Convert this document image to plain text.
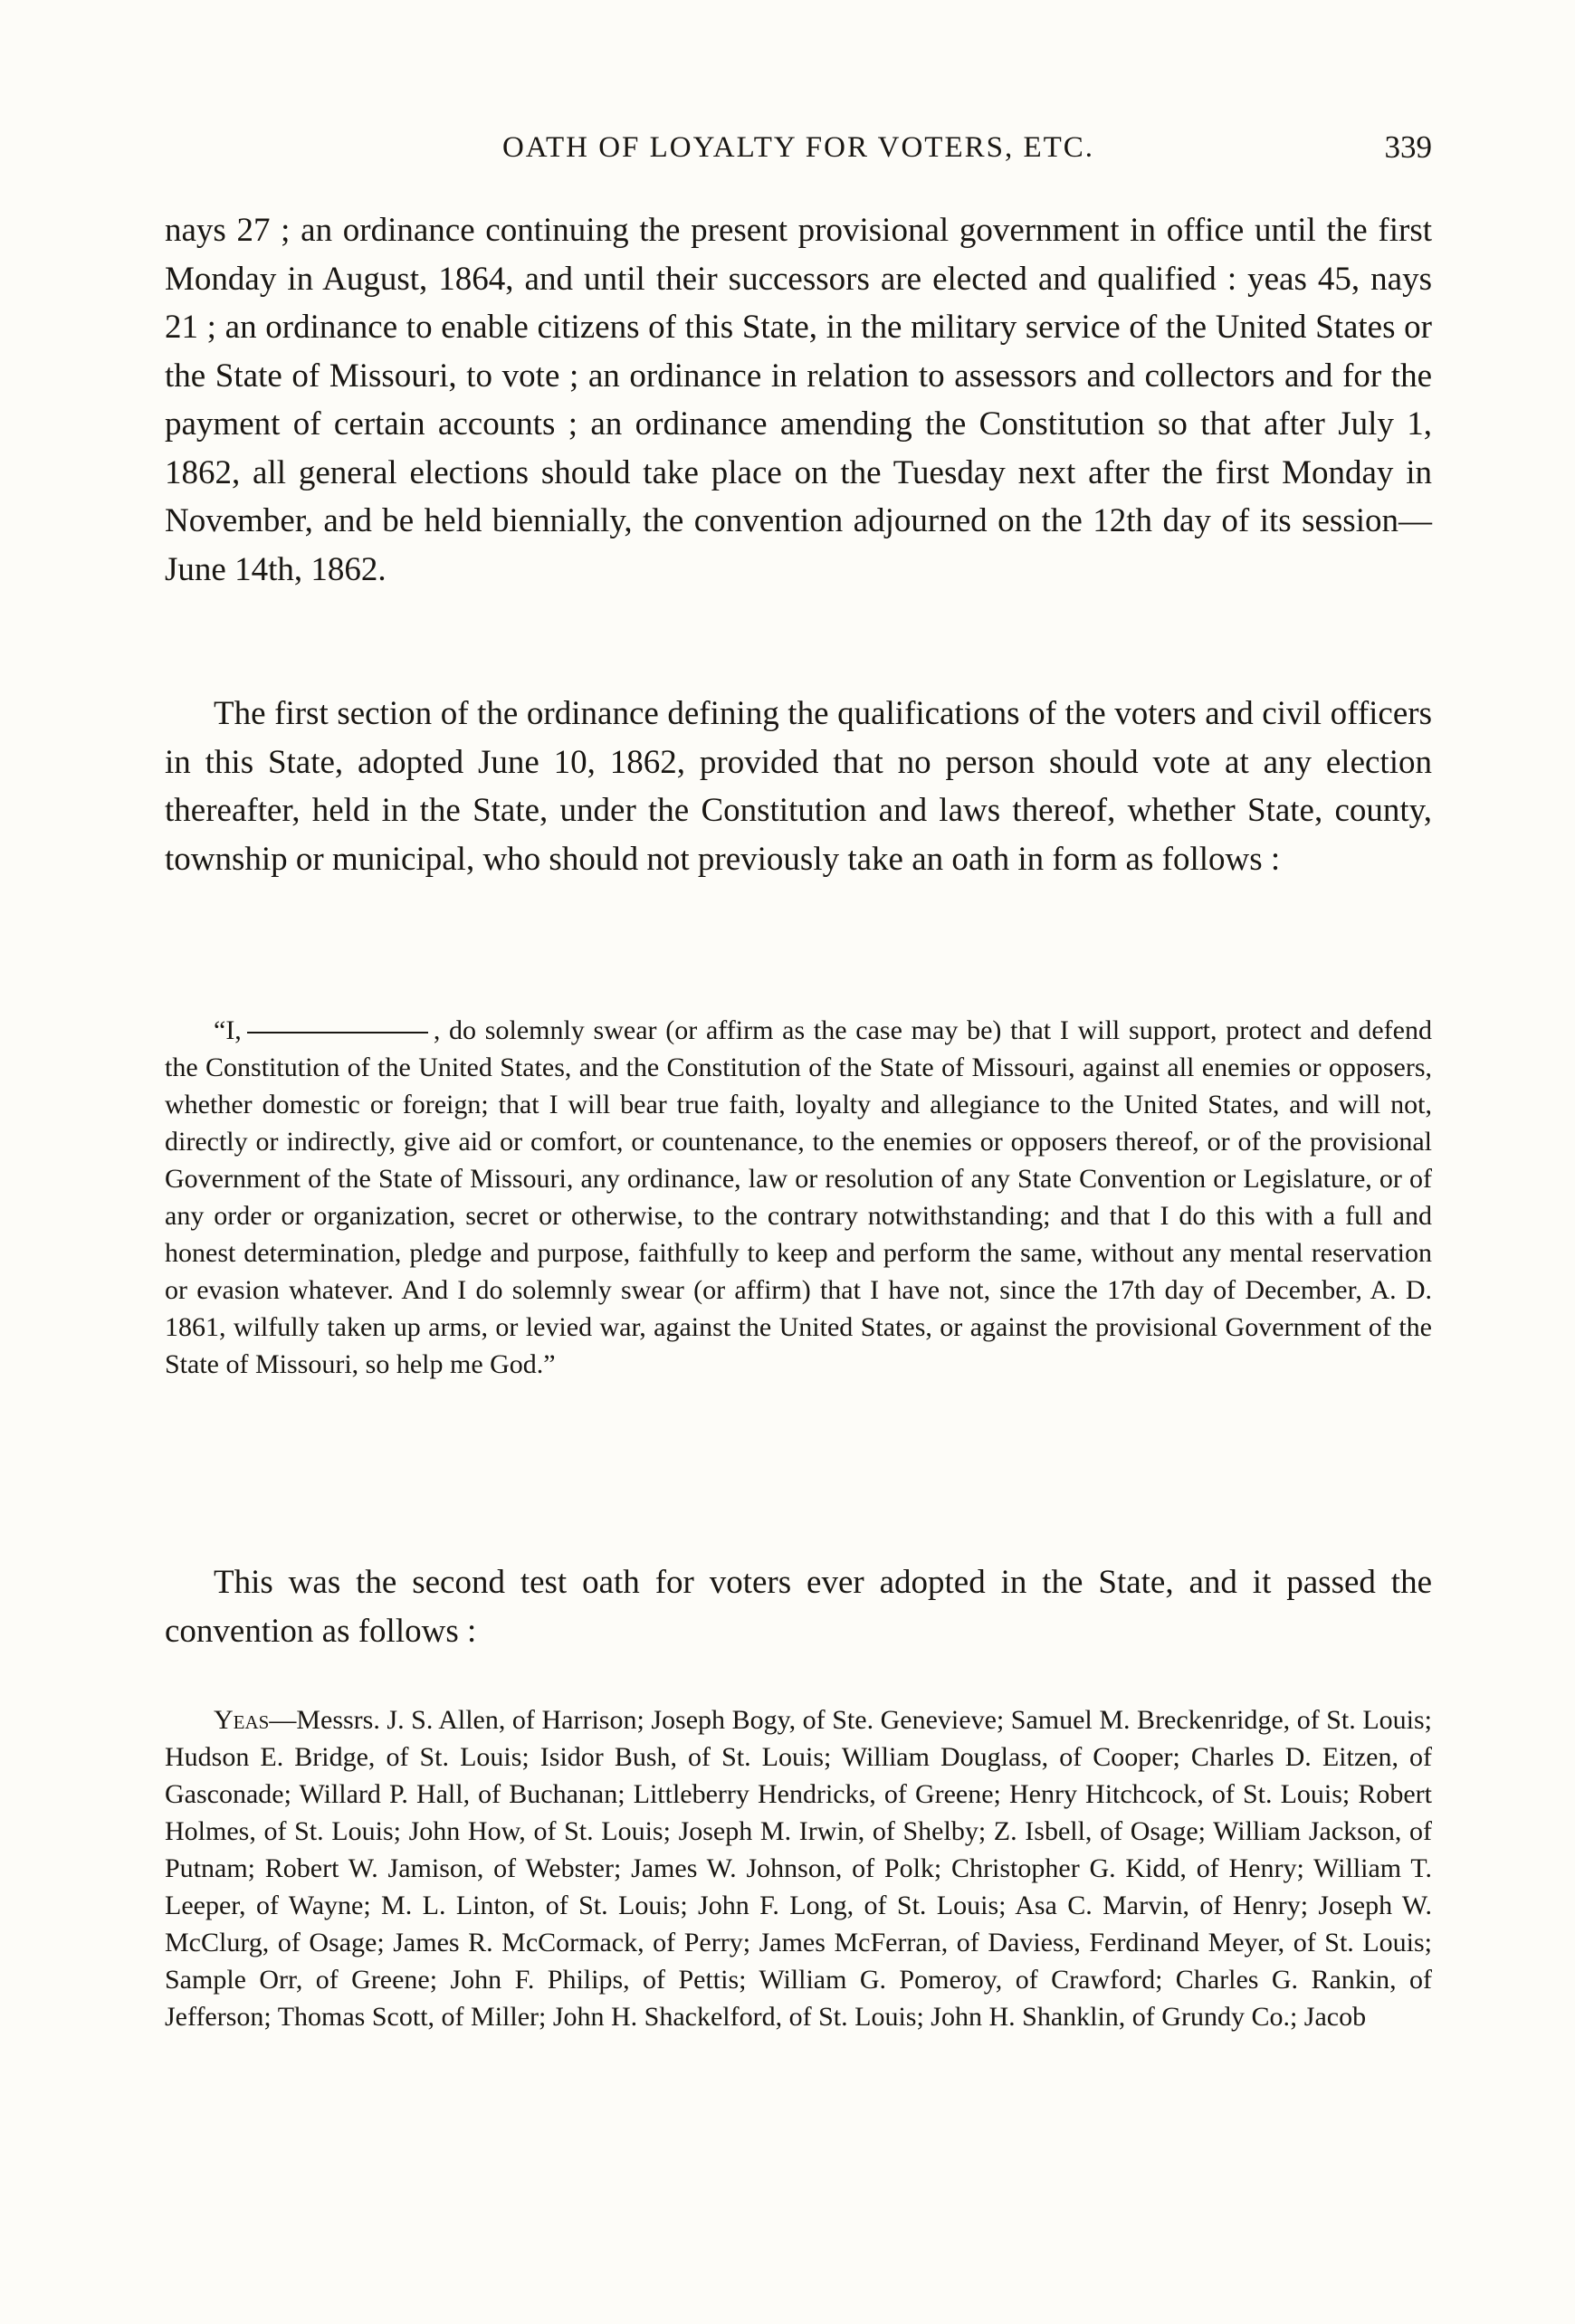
OATH OF LOYALTY FOR VOTERS, ETC.	339

nays 27 ; an ordinance continuing the present provisional government in office until the first Monday in August, 1864, and until their successors are elected and qualified : yeas 45, nays 21 ; an ordinance to enable citizens of this State, in the military service of the United States or the State of Missouri, to vote ; an ordinance in relation to assessors and collectors and for the payment of certain accounts ; an ordinance amending the Constitution so that after July 1, 1862, all general elections should take place on the Tuesday next after the first Monday in November, and be held biennially, the convention adjourned on the 12th day of its session—June 14th, 1862.

The first section of the ordinance defining the qualifications of the voters and civil officers in this State, adopted June 10, 1862, provided that no person should vote at any election thereafter, held in the State, under the Constitution and laws thereof, whether State, county, township or municipal, who should not previously take an oath in form as follows :

“I,	, do solemnly swear (or affirm as the case may be) that I will support, protect and defend the Constitution of the United States, and the Constitution of the State of Missouri, against all enemies or opposers, whether domestic or foreign; that I will bear true faith, loyalty and allegiance to the United States, and will not, directly or indirectly, give aid or comfort, or countenance, to the enemies or opposers thereof, or of the provisional Government of the State of Missouri, any ordinance, law or resolution of any State Convention or Legislature, or of any order or organization, secret or otherwise, to the contrary notwithstanding; and that I do this with a full and honest determination, pledge and purpose, faithfully to keep and perform the same, without any mental reservation or evasion whatever. And I do solemnly swear (or affirm) that I have not, since the 17th day of December, A. D. 1861, wilfully taken up arms, or levied war, against the United States, or against the provisional Government of the State of Missouri, so help me God.”

This was the second test oath for voters ever adopted in the State, and it passed the convention as follows :

Yeas—Messrs. J. S. Allen, of Harrison; Joseph Bogy, of Ste. Genevieve; Samuel M. Breckenridge, of St. Louis; Hudson E. Bridge, of St. Louis; Isidor Bush, of St. Louis; William Douglass, of Cooper; Charles D. Eitzen, of Gasconade; Willard P. Hall, of Buchanan; Littleberry Hendricks, of Greene; Henry Hitchcock, of St. Louis; Robert Holmes, of St. Louis; John How, of St. Louis; Joseph M. Irwin, of Shelby; Z. Isbell, of Osage; William Jackson, of Putnam; Robert W. Jamison, of Webster; James W. Johnson, of Polk; Christopher G. Kidd, of Henry; William T. Leeper, of Wayne; M. L. Linton, of St. Louis; John F. Long, of St. Louis; Asa C. Marvin, of Henry; Joseph W. McClurg, of Osage; James R. McCormack, of Perry; James McFerran, of Daviess, Ferdinand Meyer, of St. Louis; Sample Orr, of Greene; John F. Philips, of Pettis; William G. Pomeroy, of Crawford; Charles G. Rankin, of Jefferson; Thomas Scott, of Miller; John H. Shackelford, of St. Louis; John H. Shanklin, of Grundy Co.; Jacob
